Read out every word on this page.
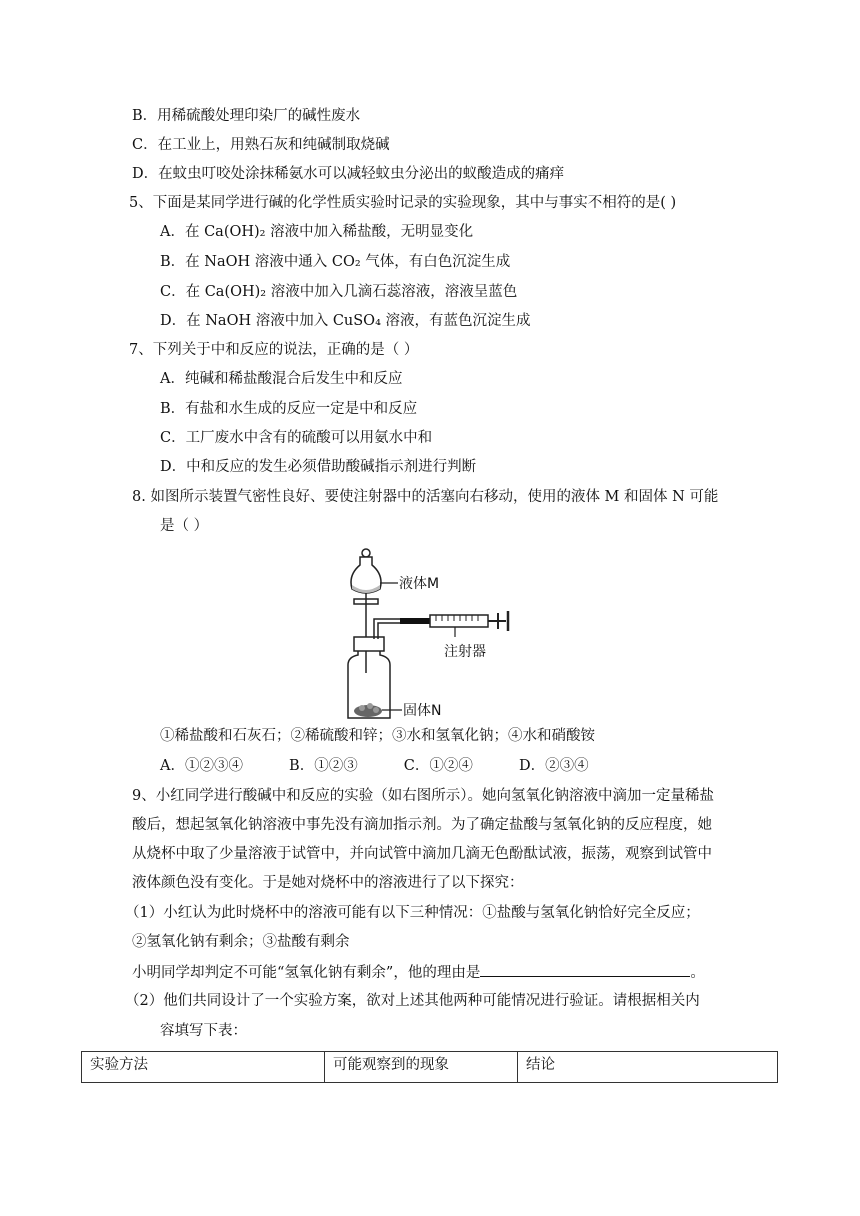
B．用稀硫酸处理印染厂的碱性废水
C．在工业上，用熟石灰和纯碱制取烧碱
D．在蚊虫叮咬处涂抹稀氨水可以减轻蚊虫分泌出的蚁酸造成的痛痒
5、下面是某同学进行碱的化学性质实验时记录的实验现象，其中与事实不相符的是( )
A．在 Ca(OH)₂ 溶液中加入稀盐酸，无明显变化
B．在 NaOH 溶液中通入 CO₂ 气体，有白色沉淀生成
C．在 Ca(OH)₂ 溶液中加入几滴石蕊溶液，溶液呈蓝色
D．在 NaOH 溶液中加入 CuSO₄ 溶液，有蓝色沉淀生成
7、下列关于中和反应的说法，正确的是（ ）
A．纯碱和稀盐酸混合后发生中和反应
B．有盐和水生成的反应一定是中和反应
C．工厂废水中含有的硫酸可以用氨水中和
D．中和反应的发生必须借助酸碱指示剂进行判断
8. 如图所示装置气密性良好、要使注射器中的活塞向右移动，使用的液体 M 和固体 N 可能
是（ ）
液体M
注射器
固体N
①稀盐酸和石灰石；②稀硫酸和锌；③水和氢氧化钠；④水和硝酸铵
A．①②③④          B．①②③          C．①②④          D．②③④
9、小红同学进行酸碱中和反应的实验（如右图所示）。她向氢氧化钠溶液中滴加一定量稀盐
酸后，想起氢氧化钠溶液中事先没有滴加指示剂。为了确定盐酸与氢氧化钠的反应程度，她
从烧杯中取了少量溶液于试管中，并向试管中滴加几滴无色酚酞试液，振荡，观察到试管中
液体颜色没有变化。于是她对烧杯中的溶液进行了以下探究：
（1）小红认为此时烧杯中的溶液可能有以下三种情况：①盐酸与氢氧化钠恰好完全反应；
②氢氧化钠有剩余；③盐酸有剩余
小明同学却判定不可能“氢氧化钠有剩余”，他的理由是	。
（2）他们共同设计了一个实验方案，欲对上述其他两种可能情况进行验证。请根据相关内
容填写下表：
实验方法	可能观察到的现象	结论
